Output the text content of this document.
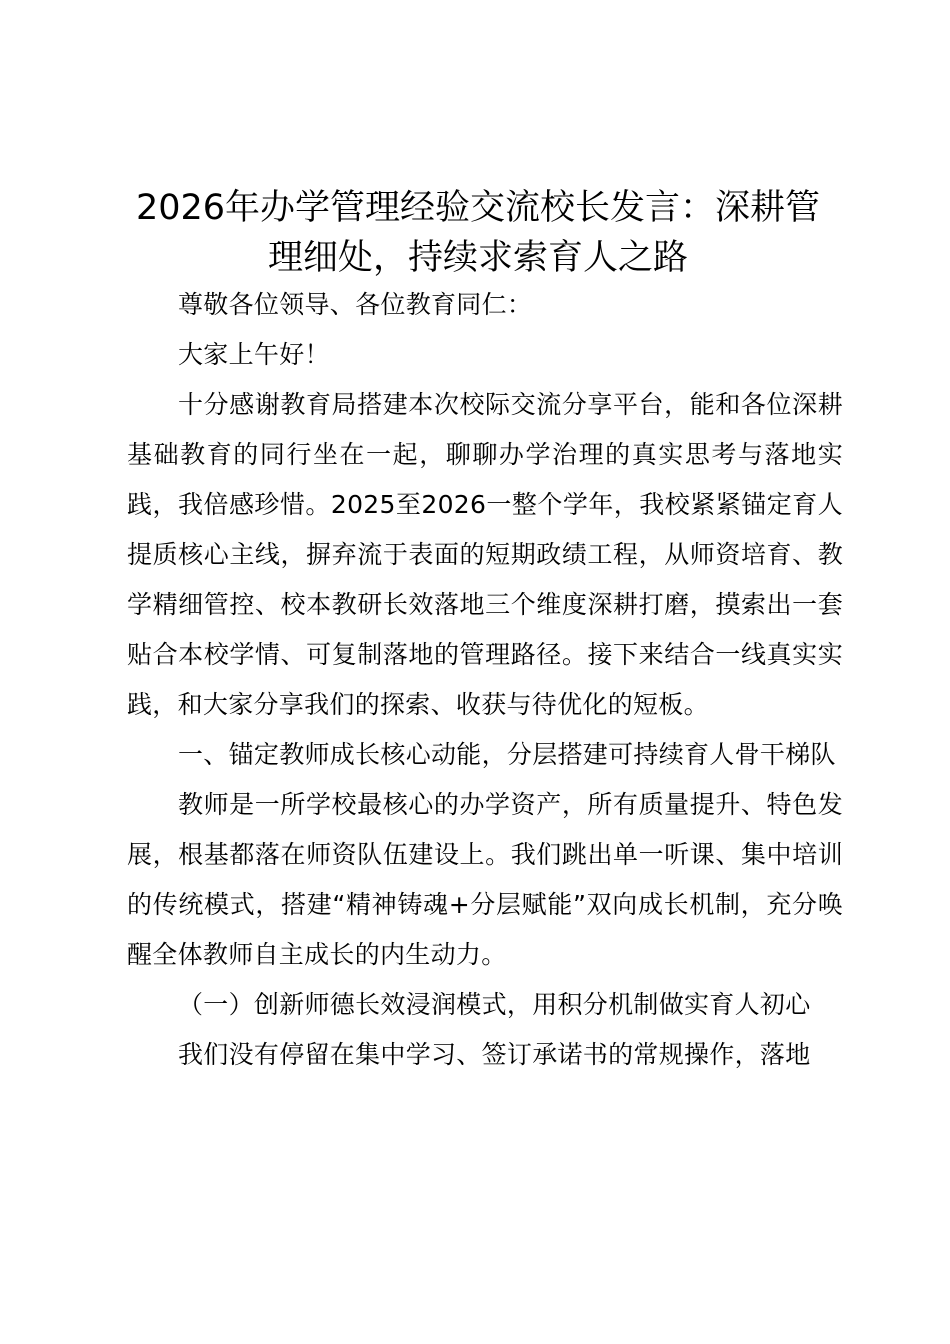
2026年办学管理经验交流校长发言：深耕管理细处，持续求索育人之路

尊敬各位领导、各位教育同仁：

大家上午好！

十分感谢教育局搭建本次校际交流分享平台，能和各位深耕基础教育的同行坐在一起，聊聊办学治理的真实思考与落地实践，我倍感珍惜。2025至2026一整个学年，我校紧紧锚定育人提质核心主线，摒弃流于表面的短期政绩工程，从师资培育、教学精细管控、校本教研长效落地三个维度深耕打磨，摸索出一套贴合本校学情、可复制落地的管理路径。接下来结合一线真实实践，和大家分享我们的探索、收获与待优化的短板。

一、锚定教师成长核心动能，分层搭建可持续育人骨干梯队

教师是一所学校最核心的办学资产，所有质量提升、特色发展，根基都落在师资队伍建设上。我们跳出单一听课、集中培训的传统模式，搭建“精神铸魂+分层赋能”双向成长机制，充分唤醒全体教师自主成长的内生动力。

（一）创新师德长效浸润模式，用积分机制做实育人初心

我们没有停留在集中学习、签订承诺书的常规操作，落地
